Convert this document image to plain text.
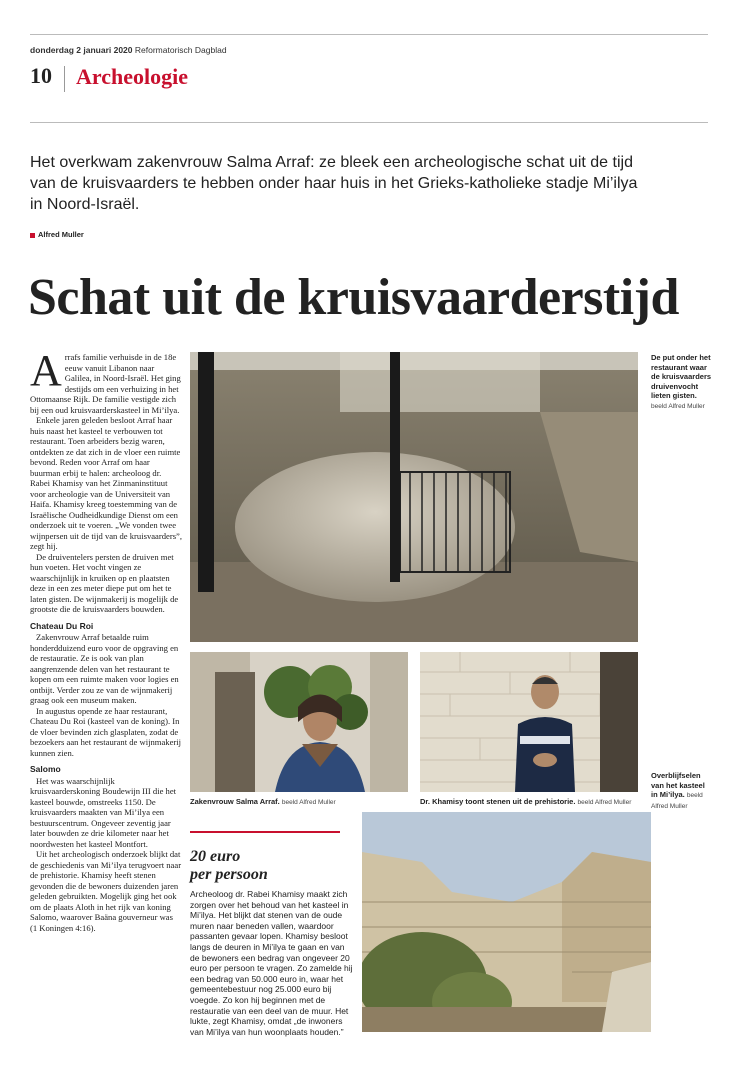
donderdag 2 januari 2020 Reformatorisch Dagblad
10 Archeologie
Het overkwam zakenvrouw Salma Arraf: ze bleek een archeologische schat uit de tijd van de kruisvaarders te hebben onder haar huis in het Grieks-katholieke stadje Mi’ilya in Noord-Israël.
Alfred Muller
Schat uit de kruisvaarderstijd
A rrafs familie verhuisde in de 18e eeuw vanuit Libanon naar Galilea, in Noord-Israël. Het ging destijds om een verhuizing in het Ottomaanse Rijk. De familie vestigde zich bij een oud kruisvaarderskasteel in Mi’ilya.

Enkele jaren geleden besloot Arraf haar huis naast het kasteel te verbouwen tot restaurant. Toen arbeiders bezig waren, ontdekten ze dat zich in de vloer een ruimte bevond. Reden voor Arraf om haar buurman erbij te halen: archeoloog dr. Rabei Khamisy van het Zinmaninstituut voor archeologie van de Universiteit van Haifa. Khamisy kreeg toestemming van de Israëlische Oudheidkundige Dienst om een onderzoek uit te voeren. „We vonden twee wijnpersen uit de tijd van de kruisvaarders”, zegt hij.

De druiventelers persten de druiven met hun voeten. Het vocht vingen ze waarschijnlijk in kruiken op en plaatsten deze in een zes meter diepe put om het te laten gisten. De wijnmakerij is mogelijk de grootste die de kruisvaarders bouwden.

Chateau Du Roi

Zakenvrouw Arraf betaalde ruim honderdduizend euro voor de opgraving en de restauratie. Ze is ook van plan aangrenzende delen van het restaurant te kopen om een ruimte maken voor logies en ontbijt. Verder zou ze van de wijnmakerij graag ook een museum maken.

In augustus opende ze haar restaurant, Chateau Du Roi (kasteel van de koning). In de vloer bevinden zich glasplaten, zodat de bezoekers aan het restaurant de wijnmakerij kunnen zien.

Salomo

Het was waarschijnlijk kruisvaarderskoning Boudewijn III die het kasteel bouwde, omstreeks 1150. De kruisvaarders maakten van Mi’ilya een bestuurscentrum. Ongeveer zeventig jaar later bouwden ze drie kilometer naar het noordwesten het kasteel Montfort.

Uit het archeologisch onderzoek blijkt dat de geschiedenis van Mi’ilya terugvoert naar de prehistorie. Khamisy heeft stenen gevonden die de bewoners duizenden jaren geleden gebruikten. Mogelijk ging het ook om de plaats Aloth in het rijk van koning Salomo, waarover Baäna gouverneur was (1 Koningen 4:16).

De put onder het restaurant waar de kruisvaarders druivenvocht lieten gisten. beeld Alfred Muller
Zakenvrouw Salma Arraf. beeld Alfred Muller	Dr. Khamisy toont stenen uit de prehistorie. beeld Alfred Muller
Overblijfselen van het kasteel in Mi’ilya. beeld Alfred Muller
20 euro
per persoon
Archeoloog dr. Rabei Khamisy maakt zich zorgen over het behoud van het kasteel in Mi’ilya. Het blijkt dat stenen van de oude muren naar beneden vallen, waardoor passanten gevaar lopen. Khamisy besloot langs de deuren in Mi’ilya te gaan en van de bewoners een bedrag van ongeveer 20 euro per persoon te vragen. Zo zamelde hij een bedrag van 50.000 euro in, waar het gemeentebestuur nog 25.000 euro bij voegde. Zo kon hij beginnen met de restauratie van een deel van de muur. Het lukte, zegt Khamisy, omdat „de inwoners van Mi’ilya van hun woonplaats houden.”
